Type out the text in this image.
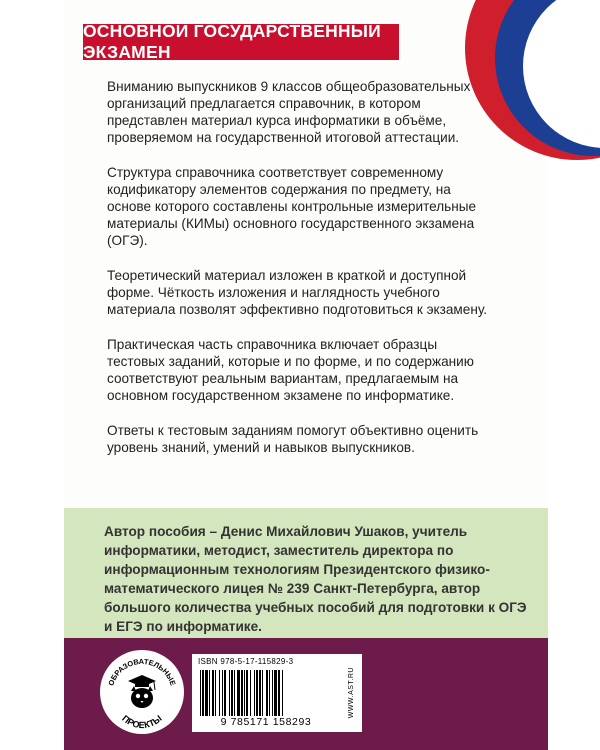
ОСНОВНОЙ ГОСУДАРСТВЕННЫЙ ЭКЗАМЕН

Вниманию выпускников 9 классов общеобразовательных организаций предлагается справочник, в котором представлен материал курса информатики в объёме, проверяемом на государственной итоговой аттестации.

Структура справочника соответствует современному кодификатору элементов содержания по предмету, на основе которого составлены контрольные измерительные материалы (КИМы) основного государственного экзамена (ОГЭ).

Теоретический материал изложен в краткой и доступной форме. Чёткость изложения и наглядность учебного материала позволят эффективно подготовиться к экзамену.

Практическая часть справочника включает образцы тестовых заданий, которые и по форме, и по содержанию соответствуют реальным вариантам, предлагаемым на основном государственном экзамене по информатике.

Ответы к тестовым заданиям помогут объективно оценить уровень знаний, умений и навыков выпускников.

Автор пособия – Денис Михайлович Ушаков, учитель информатики, методист, заместитель директора по информационным технологиям Президентского физико-математического лицея № 239 Санкт-Петербурга, автор большого количества учебных пособий для подготовки к ОГЭ и ЕГЭ по информатике.
ОБРАЗОВАТЕЛЬНЫЕ
ПРОЕКТЫ
ISBN 978-5-17-115829-3
9 785171 158293
WWW.AST.RU
